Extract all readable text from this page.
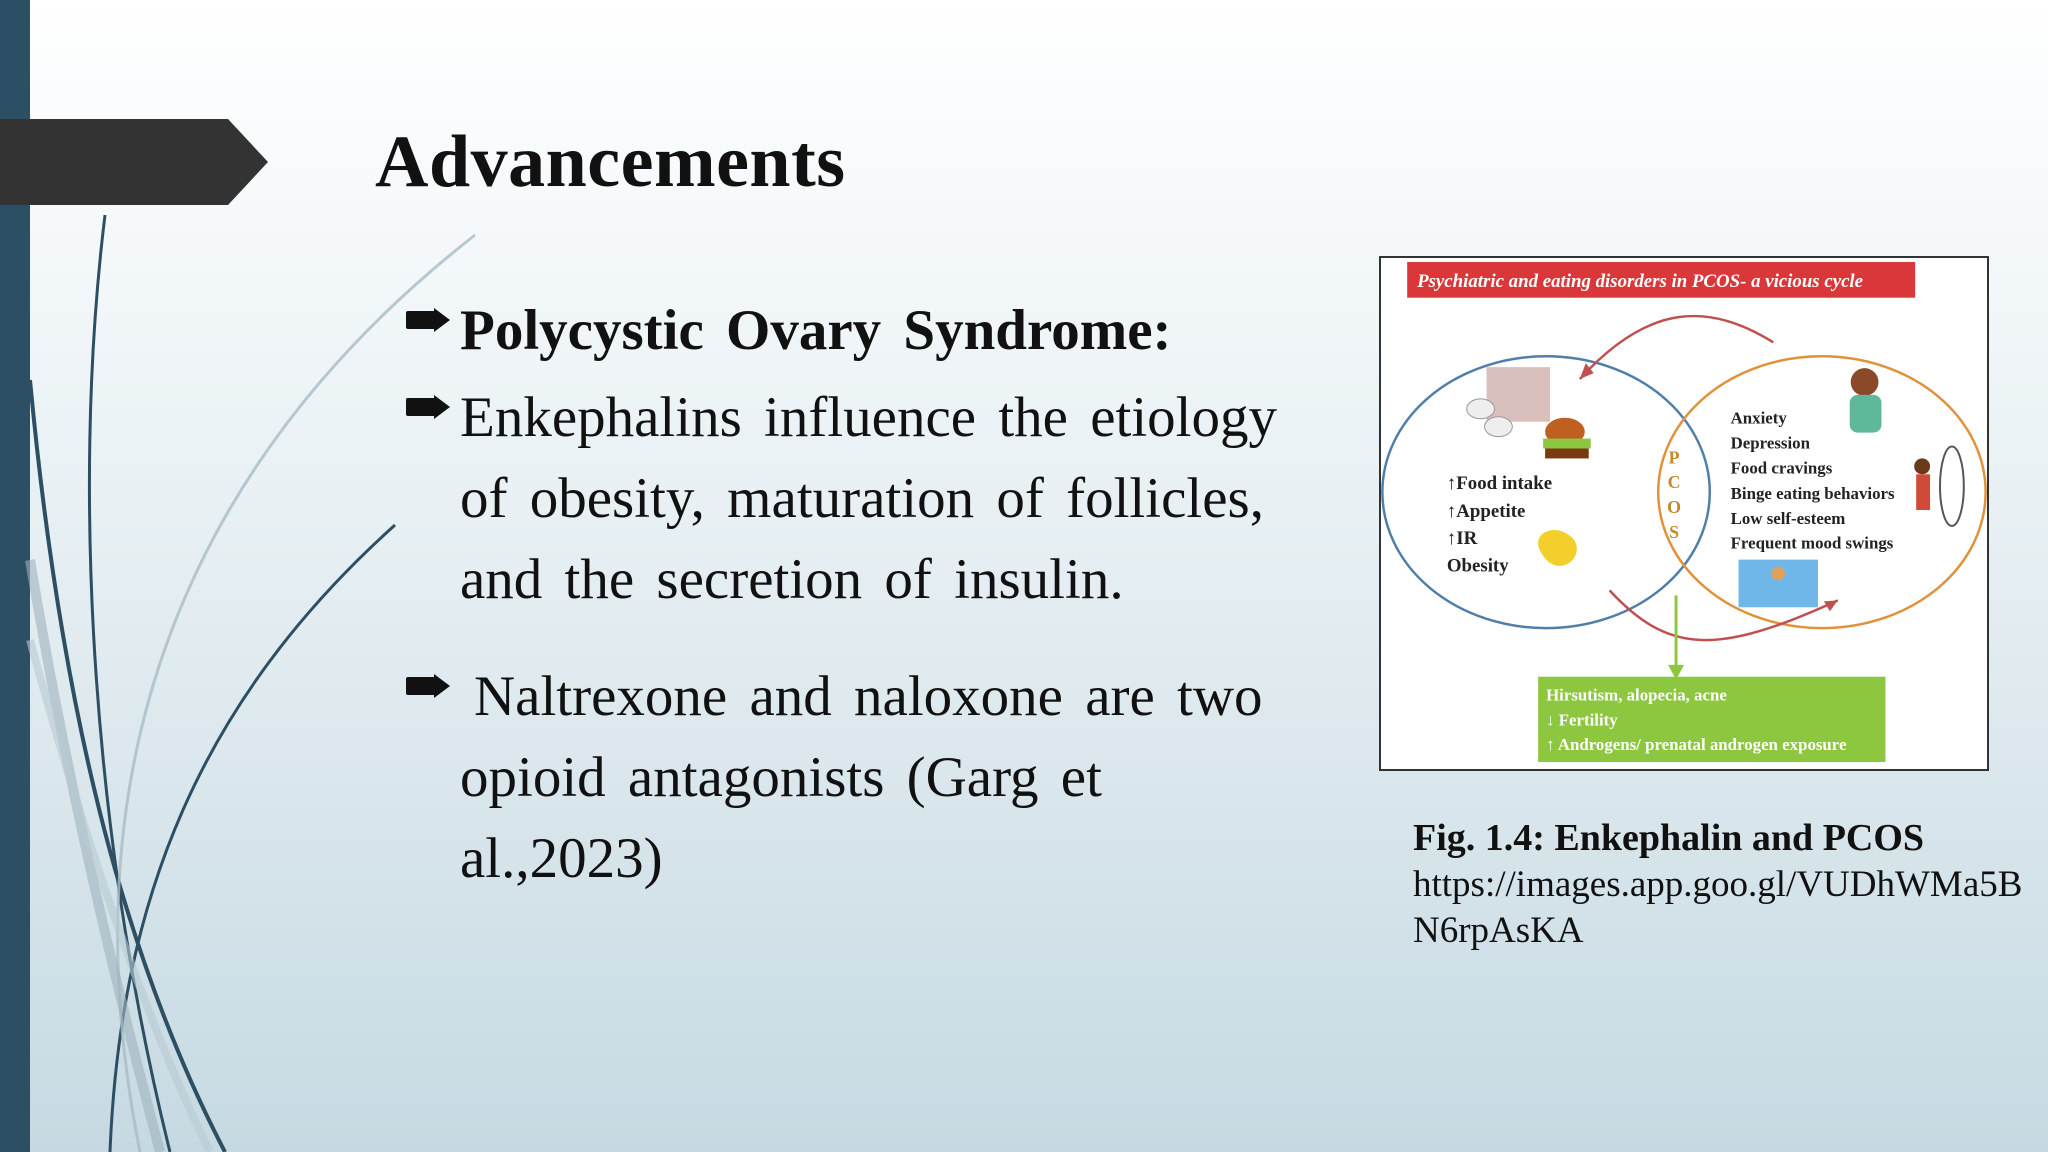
Advancements
Polycystic Ovary Syndrome:
Enkephalins influence the etiology of obesity, maturation of follicles, and the secretion of insulin.
Naltrexone and naloxone are two opioid antagonists (Garg et al.,2023)
Psychiatric and eating disorders in PCOS- a vicious cycle
↑Food intake
↑Appetite
↑IR
Obesity
P
C
O
S
Anxiety
Depression
Food cravings
Binge eating behaviors
Low self-esteem
Frequent mood swings
Hirsutism, alopecia, acne
↓ Fertility
↑ Androgens/ prenatal androgen exposure
Fig. 1.4: Enkephalin and PCOS
https://images.app.goo.gl/VUDhWMa5BN6rpAsKA
